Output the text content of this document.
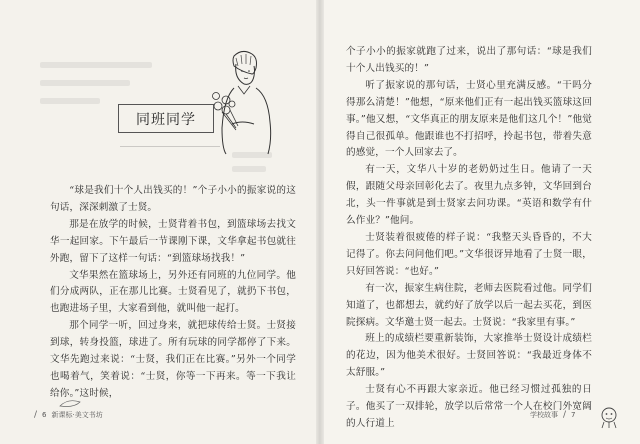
同班同学

“球是我们十个人出钱买的！”个子小小的振家说的这句话，深深刺激了士贤。

那是在放学的时候，士贤背着书包，到篮球场去找文华一起回家。下午最后一节课刚下课，文华拿起书包就往外跑，留下了这样一句话：“到篮球场找我！”

文华果然在篮球场上，另外还有同班的九位同学。他们分成两队，正在那儿比赛。士贤看见了，就扔下书包，也跑进场子里，大家看到他，就叫他一起打。

那个同学一听，回过身来，就把球传给士贤。士贤接到球，转身投篮，球进了。所有玩球的同学都停了下来。文华先跑过来说：“士贤，我们正在比赛。”另外一个同学也喝着气，笑着说：“士贤，你等一下再来。等一下我让给你。”这时候，

/ 6 新课标·美文书坊

个子小小的振家就跑了过来，说出了那句话：“球是我们十个人出钱买的！”

听了振家说的那句话，士贤心里充满反感。“干吗分得那么清楚！”他想，“原来他们正有一起出钱买篮球这回事。”他又想，“文华真正的朋友原来是他们这几个！”他觉得自己很孤单。他跟谁也不打招呼，拎起书包，带着失意的感觉，一个人回家去了。

有一天，文华八十岁的老奶奶过生日。他请了一天假，跟随父母亲回彰化去了。夜里九点多钟，文华回到台北，头一件事就是到士贤家去问功课。“英语和数学有什么作业？”他问。

士贤装着很疲倦的样子说：“我整天头昏昏的，不大记得了。你去问问他们吧。”文华很讶异地看了士贤一眼，只好回答说：“也好。”

有一次，振家生病住院，老师去医院看过他。同学们知道了，也都想去，就约好了放学以后一起去买花，到医院探病。文华邀士贤一起去。士贤说：“我家里有事。”

班上的成绩栏要重新装饰，大家推举士贤设计成绩栏的花边，因为他美术很好。士贤回答说：“我最近身体不太舒服。”

士贤有心不再跟大家亲近。他已经习惯过孤独的日子。他买了一双排轮，放学以后常常一个人在校门外宽阔的人行道上

学校故事 / 7
